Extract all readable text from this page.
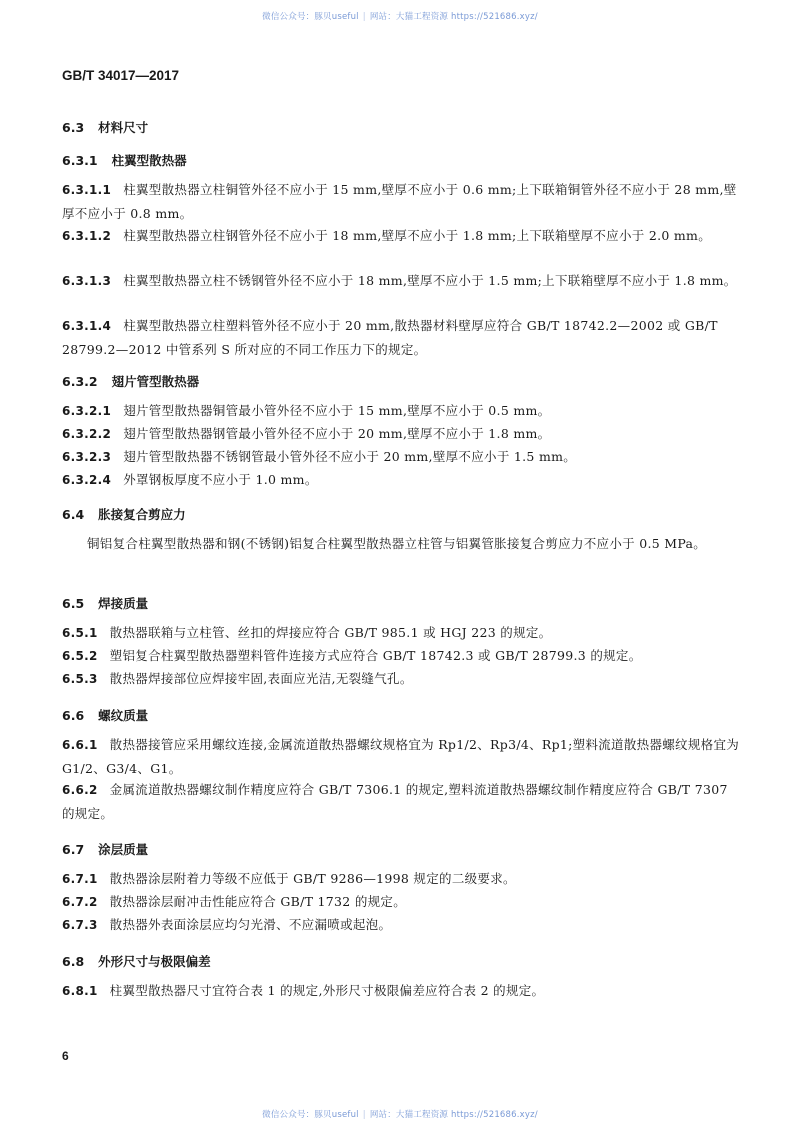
微信公众号：豚贝useful | 网站：大猫工程资源 https://521686.xyz/
GB/T 34017—2017
6.3 材料尺寸
6.3.1 柱翼型散热器
6.3.1.1 柱翼型散热器立柱铜管外径不应小于 15 mm,壁厚不应小于 0.6 mm;上下联箱铜管外径不应小于 28 mm,壁厚不应小于 0.8 mm。
6.3.1.2 柱翼型散热器立柱钢管外径不应小于 18 mm,壁厚不应小于 1.8 mm;上下联箱壁厚不应小于 2.0 mm。
6.3.1.3 柱翼型散热器立柱不锈钢管外径不应小于 18 mm,壁厚不应小于 1.5 mm;上下联箱壁厚不应小于 1.8 mm。
6.3.1.4 柱翼型散热器立柱塑料管外径不应小于 20 mm,散热器材料壁厚应符合 GB/T 18742.2—2002 或 GB/T 28799.2—2012 中管系列 S 所对应的不同工作压力下的规定。
6.3.2 翅片管型散热器
6.3.2.1 翅片管型散热器铜管最小管外径不应小于 15 mm,壁厚不应小于 0.5 mm。
6.3.2.2 翅片管型散热器钢管最小管外径不应小于 20 mm,壁厚不应小于 1.8 mm。
6.3.2.3 翅片管型散热器不锈钢管最小管外径不应小于 20 mm,壁厚不应小于 1.5 mm。
6.3.2.4 外罩钢板厚度不应小于 1.0 mm。
6.4 胀接复合剪应力
铜铝复合柱翼型散热器和钢(不锈钢)铝复合柱翼型散热器立柱管与铝翼管胀接复合剪应力不应小于 0.5 MPa。
6.5 焊接质量
6.5.1 散热器联箱与立柱管、丝扣的焊接应符合 GB/T 985.1 或 HGJ 223 的规定。
6.5.2 塑铝复合柱翼型散热器塑料管件连接方式应符合 GB/T 18742.3 或 GB/T 28799.3 的规定。
6.5.3 散热器焊接部位应焊接牢固,表面应光洁,无裂缝气孔。
6.6 螺纹质量
6.6.1 散热器接管应采用螺纹连接,金属流道散热器螺纹规格宜为 Rp1/2、Rp3/4、Rp1;塑料流道散热器螺纹规格宜为 G1/2、G3/4、G1。
6.6.2 金属流道散热器螺纹制作精度应符合 GB/T 7306.1 的规定,塑料流道散热器螺纹制作精度应符合 GB/T 7307 的规定。
6.7 涂层质量
6.7.1 散热器涂层附着力等级不应低于 GB/T 9286—1998 规定的二级要求。
6.7.2 散热器涂层耐冲击性能应符合 GB/T 1732 的规定。
6.7.3 散热器外表面涂层应均匀光滑、不应漏喷或起泡。
6.8 外形尺寸与极限偏差
6.8.1 柱翼型散热器尺寸宜符合表 1 的规定,外形尺寸极限偏差应符合表 2 的规定。
6
微信公众号：豚贝useful | 网站：大猫工程资源 https://521686.xyz/
